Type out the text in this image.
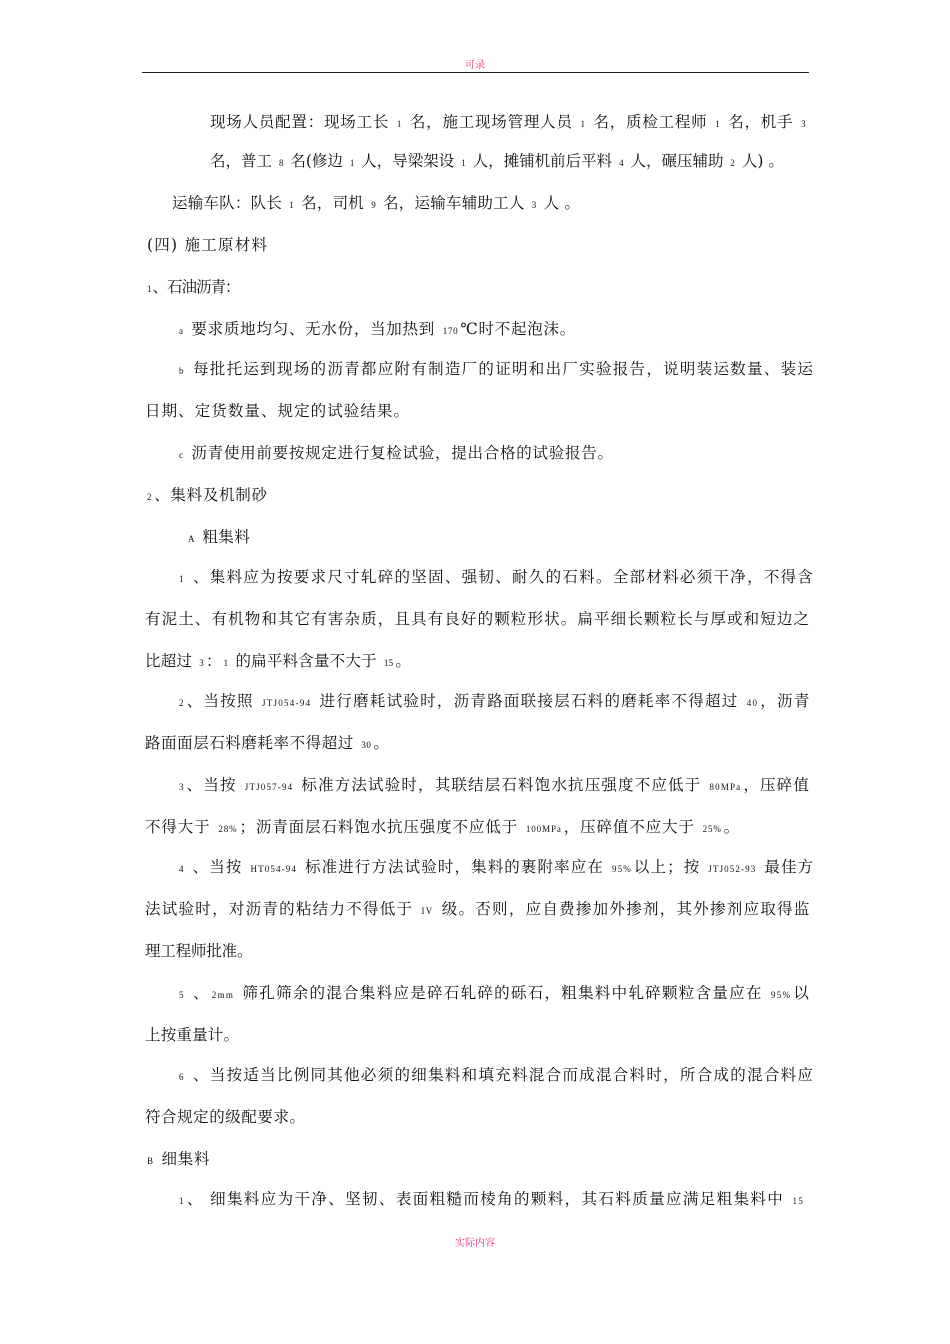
可录
现场人员配置：现场工长 1 名，施工现场管理人员 1 名，质检工程师 1 名，机手 3
名，普工 8 名(修边 1 人，导梁架设 1 人，摊铺机前后平料 4 人，碾压辅助 2 人) 。
运输车队：队长 1 名，司机 9 名，运输车辅助工人 3 人 。
(四) 施工原材料
1 、石油沥青：
a 要求质地均匀、无水份，当加热到 170 ℃时不起泡沫。
b 每批托运到现场的沥青都应附有制造厂的证明和出厂实验报告，说明装运数量、装运
日期、定货数量、规定的试验结果。
c 沥青使用前要按规定进行复检试验，提出合格的试验报告。
2 、集料及机制砂
A 粗集料
1 、集料应为按要求尺寸轧碎的坚固、强韧、耐久的石料。全部材料必须干净，不得含
有泥土、有机物和其它有害杂质，且具有良好的颗粒形状。扁平细长颗粒长与厚或和短边之
比超过 3 ： 1 的扁平料含量不大于 15 。
2 、当按照 JTJ054-94 进行磨耗试验时，沥青路面联接层石料的磨耗率不得超过 40 ，沥青
路面面层石料磨耗率不得超过 30 。
3 、当按 JTJ057-94 标准方法试验时，其联结层石料饱水抗压强度不应低于 80MPa ，压碎值
不得大于 28% ；沥青面层石料饱水抗压强度不应低于 100MPa ，压碎值不应大于 25% 。
4 、当按 HT054-94 标准进行方法试验时，集料的裹附率应在 95% 以上；按 JTJ052-93 最佳方
法试验时，对沥青的粘结力不得低于 IV 级。否则，应自费掺加外掺剂，其外掺剂应取得监
理工程师批准。
5 、 2mm 筛孔筛余的混合集料应是碎石轧碎的砾石，粗集料中轧碎颗粒含量应在 95% 以
上按重量计。
6 、当按适当比例同其他必须的细集料和填充料混合而成混合料时，所合成的混合料应
符合规定的级配要求。
B 细集料
1 、 细集料应为干净、坚韧、表面粗糙而棱角的颗料，其石料质量应满足粗集料中 15
实际内容
